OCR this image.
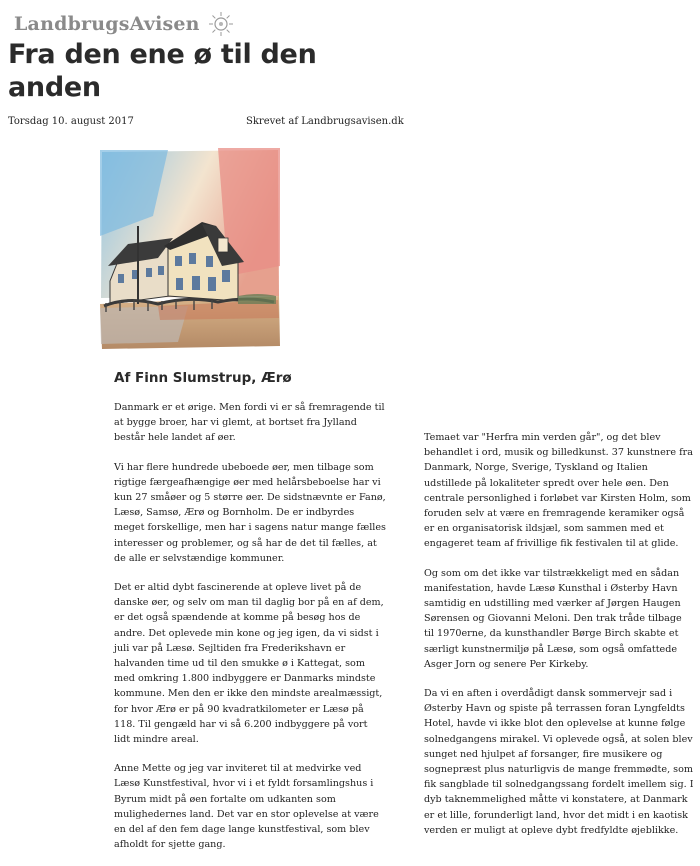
LandbrugsAvisen
Fra den ene ø til den anden
Torsdag 10. august 2017	Skrevet af Landbrugsavisen.dk
Af Finn Slumstrup, Ærø

Danmark er et ørige. Men fordi vi er så fremragende til at bygge broer, har vi glemt, at bortset fra Jylland består hele landet af øer.

Vi har flere hundrede ubeboede øer, men tilbage som rigtige færgeafhængige øer med helårsbeboelse har vi kun 27 småøer og 5 større øer. De sidstnævnte er Fanø, Læsø, Samsø, Ærø og Bornholm. De er indbyrdes meget forskellige, men har i sagens natur mange fælles interesser og problemer, og så har de det til fælles, at de alle er selvstændige kommuner.

Det er altid dybt fascinerende at opleve livet på de danske øer, og selv om man til daglig bor på en af dem, er det også spændende at komme på besøg hos de andre. Det oplevede min kone og jeg igen, da vi sidst i juli var på Læsø. Sejltiden fra Frederikshavn er halvanden time ud til den smukke ø i Kattegat, som med omkring 1.800 indbyggere er Danmarks mindste kommune. Men den er ikke den mindste arealmæssigt, for hvor Ærø er på 90 kvadratkilometer er Læsø på 118. Til gengæld har vi så 6.200 indbyggere på vort lidt mindre areal.

Anne Mette og jeg var inviteret til at medvirke ved Læsø Kunstfestival, hvor vi i et fyldt forsamlingshus i Byrum midt på øen fortalte om udkanten som mulighedernes land. Det var en stor oplevelse at være en del af den fem dage lange kunstfestival, som blev afholdt for sjette gang.

Temaet var "Herfra min verden går", og det blev behandlet i ord, musik og billedkunst. 37 kunstnere fra Danmark, Norge, Sverige, Tyskland og Italien udstillede på lokaliteter spredt over hele øen. Den centrale personlighed i forløbet var Kirsten Holm, som foruden selv at være en fremragende keramiker også er en organisatorisk ildsjæl, som sammen med et engageret team af frivillige fik festivalen til at glide.

Og som om det ikke var tilstrækkeligt med en sådan manifestation, havde Læsø Kunsthal i Østerby Havn samtidig en udstilling med værker af Jørgen Haugen Sørensen og Giovanni Meloni. Den trak tråde tilbage til 1970erne, da kunsthandler Børge Birch skabte et særligt kunstnermiljø på Læsø, som også omfattede Asger Jorn og senere Per Kirkeby.

Da vi en aften i overdådigt dansk sommervejr sad i Østerby Havn og spiste på terrassen foran Lyngfeldts Hotel, havde vi ikke blot den oplevelse at kunne følge solnedgangens mirakel. Vi oplevede også, at solen blev sunget ned hjulpet af forsanger, fire musikere og sognepræst plus naturligvis de mange fremmødte, som fik sangblade til solnedgangssang fordelt imellem sig. I dyb taknemmelighed måtte vi konstatere, at Danmark er et lille, forunderligt land, hvor det midt i en kaotisk verden er muligt at opleve dybt fredfyldte øjeblikke.
